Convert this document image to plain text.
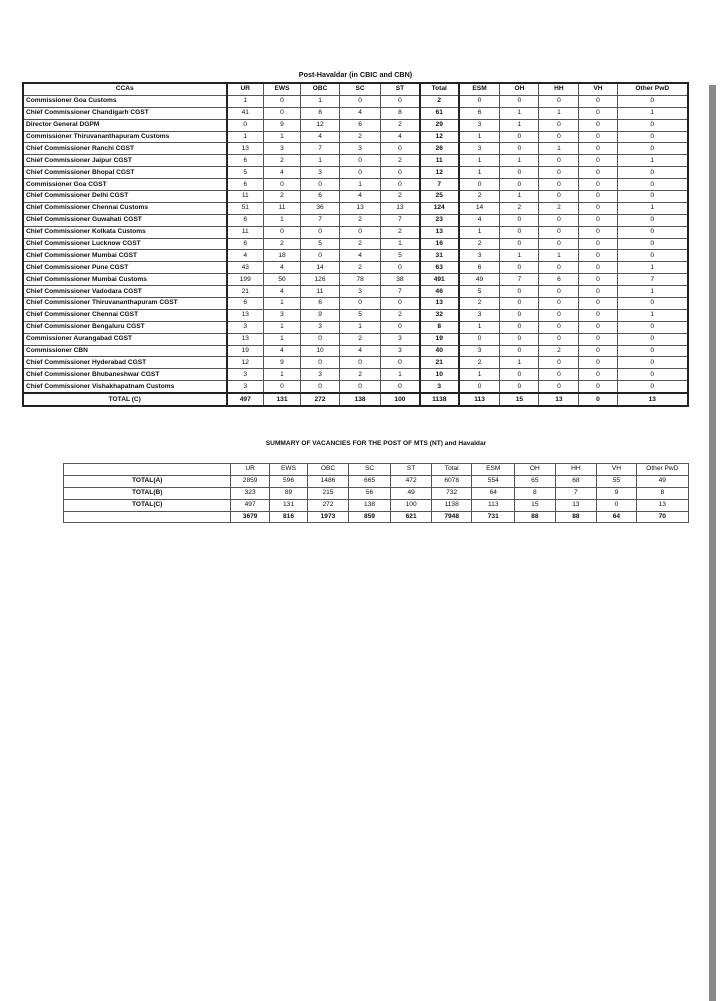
Post-Havaldar (in CBIC and CBN)
CCAs	UR	EWS	OBC	SC	ST	Total	ESM	OH	HH	VH	Other PwD
Commissioner Goa Customs	1	0	1	0	0	2	0	0	0	0	0
Chief Commissioner Chandigarh CGST	41	0	8	4	8	61	6	1	1	0	1
Director General DGPM	0	9	12	6	2	29	3	1	0	0	0
Commissioner Thiruvananthapuram Customs	1	1	4	2	4	12	1	0	0	0	0
Chief Commissioner Ranchi CGST	13	3	7	3	0	26	3	0	1	0	0
Chief Commissioner Jaipur CGST	6	2	1	0	2	11	1	1	0	0	1
Chief Commissioner Bhopal CGST	5	4	3	0	0	12	1	0	0	0	0
Commissioner Goa CGST	6	0	0	1	0	7	0	0	0	0	0
Chief Commissioner Delhi CGST	11	2	6	4	2	25	2	1	0	0	0
Chief Commissioner Chennai Customs	51	11	36	13	13	124	14	2	2	0	1
Chief Commissioner Guwahati CGST	6	1	7	2	7	23	4	0	0	0	0
Chief Commissioner Kolkata Customs	11	0	0	0	2	13	1	0	0	0	0
Chief Commissioner Lucknow CGST	6	2	5	2	1	16	2	0	0	0	0
Chief Commissioner Mumbai CGST	4	18	0	4	5	31	3	1	1	0	0
Chief Commissioner Pune CGST	43	4	14	2	0	63	6	0	0	0	1
Chief Commissioner Mumbai Customs	199	50	126	78	38	491	49	7	6	0	7
Chief Commissioner Vadodara CGST	21	4	11	3	7	46	5	0	0	0	1
Chief Commissioner Thiruvananthapuram CGST	6	1	6	0	0	13	2	0	0	0	0
Chief Commissioner Chennai CGST	13	3	9	5	2	32	3	0	0	0	1
Chief Commissioner Bengaluru CGST	3	1	3	1	0	8	1	0	0	0	0
Commissioner Aurangabad CGST	13	1	0	2	3	19	0	0	0	0	0
Commissioner CBN	19	4	10	4	3	40	3	0	2	0	0
Chief Commissioner Hyderabad CGST	12	9	0	0	0	21	2	1	0	0	0
Chief Commissioner Bhubaneshwar CGST	3	1	3	2	1	10	1	0	0	0	0
Chief Commissioner Vishakhapatnam Customs	3	0	0	0	0	3	0	0	0	0	0
TOTAL (C)	497	131	272	138	100	1138	113	15	13	0	13
SUMMARY OF VACANCIES FOR THE POST OF MTS (NT) and Havaldar
	UR	EWS	OBC	SC	ST	Total	ESM	OH	HH	VH	Other PwD
TOTAL(A)	2859	596	1486	665	472	6078	554	65	68	55	49
TOTAL(B)	323	89	215	56	49	732	64	8	7	9	8
TOTAL(C)	497	131	272	138	100	1138	113	15	13	0	13
	3679	816	1973	859	621	7948	731	88	88	64	70
